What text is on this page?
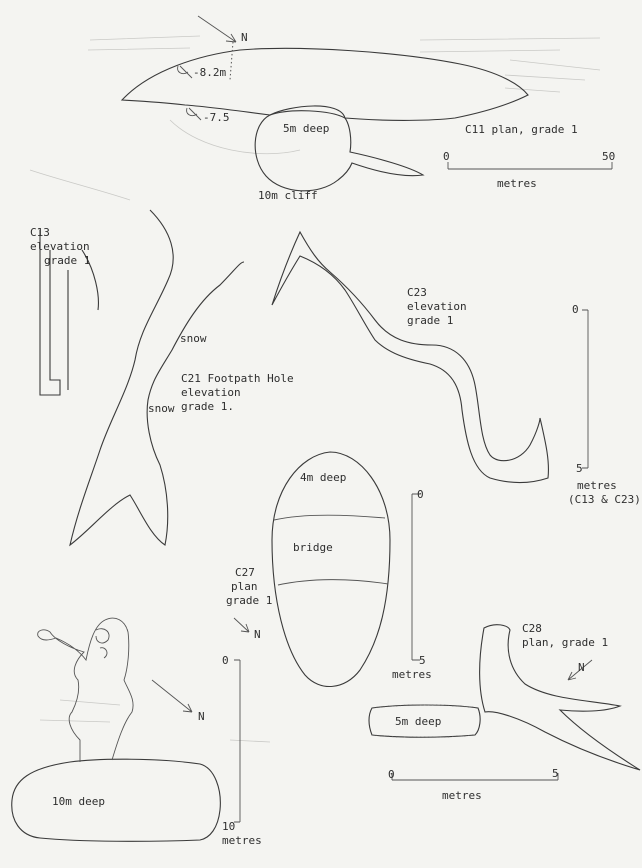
N
-8.2m
-7.5
5m deep	C11 plan, grade 1
0	50
metres
10m cliff
C13
elevation
grade 1
snow
snow
C21 Footpath Hole
elevation
grade 1.
C23
elevation
grade 1
0
5
metres
(C13 & C23)
4m deep
bridge
C27
plan
grade 1
N
0
5
metres
C28
plan, grade 1
N
5m deep
0	5
metres
N
10m deep
0
10
metres
